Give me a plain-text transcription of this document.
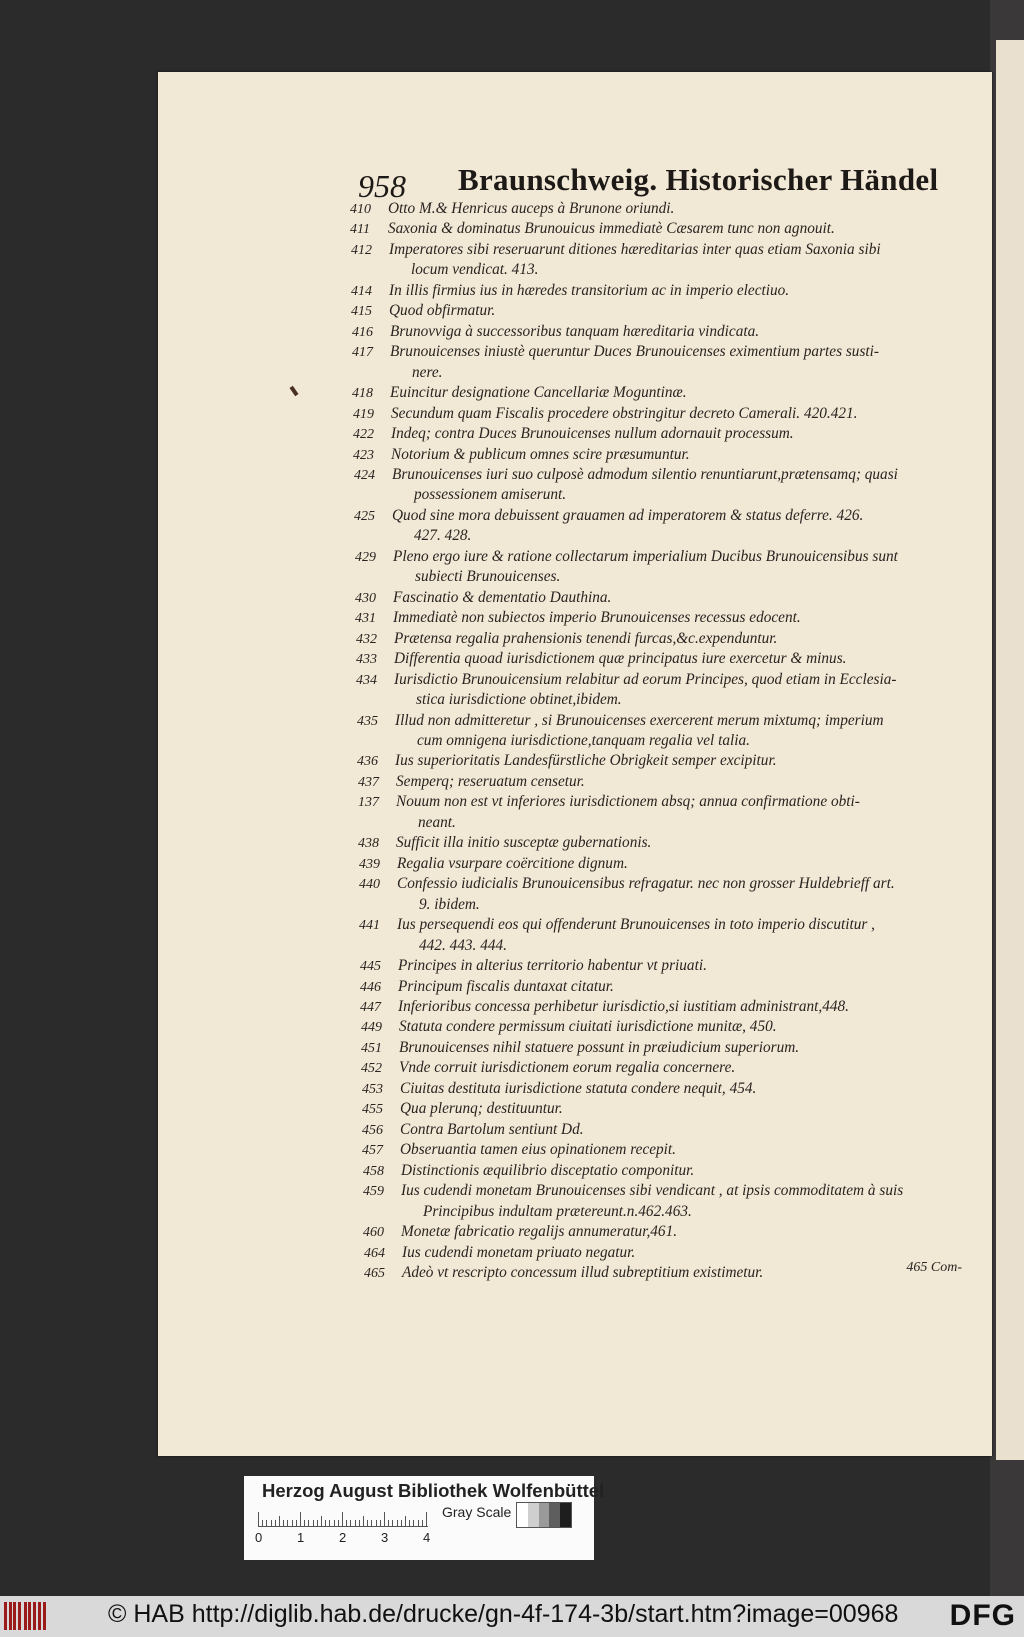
958 Braunschweig. Historischer Händel
410	Otto M.& Henricus auceps à Brunone oriundi.
411	Saxonia & dominatus Brunouicus immediatè Cæsarem tunc non agnouit.
412	Imperatores sibi reseruarunt ditiones hæreditarias inter quas etiam Saxonia sibi
locum vendicat. 413.
414	In illis firmius ius in hæredes transitorium ac in imperio electiuo.
415	Quod obfirmatur.
416	Brunovviga à successoribus tanquam hæreditaria vindicata.
417	Brunouicenses iniustè queruntur Duces Brunouicenses eximentium partes susti-
nere.
418	Euincitur designatione Cancellariæ Moguntinæ.
419	Secundum quam Fiscalis procedere obstringitur decreto Camerali. 420.421.
422	Indeq; contra Duces Brunouicenses nullum adornauit processum.
423	Notorium & publicum omnes scire præsumuntur.
424	Brunouicenses iuri suo culposè admodum silentio renuntiarunt,prætensamq; quasi
possessionem amiserunt.
425	Quod sine mora debuissent grauamen ad imperatorem & status deferre. 426.
427. 428.
429	Pleno ergo iure & ratione collectarum imperialium Ducibus Brunouicensibus sunt
subiecti Brunouicenses.
430	Fascinatio & dementatio Dauthina.
431	Immediatè non subiectos imperio Brunouicenses recessus edocent.
432	Prætensa regalia prahensionis tenendi furcas,&c.expenduntur.
433	Differentia quoad iurisdictionem quæ principatus iure exercetur & minus.
434	Iurisdictio Brunouicensium relabitur ad eorum Principes, quod etiam in Ecclesia-
stica iurisdictione obtinet,ibidem.
435	Illud non admitteretur , si Brunouicenses exercerent merum mixtumq; imperium
cum omnigena iurisdictione,tanquam regalia vel talia.
436	Ius superioritatis Landesfürstliche Obrigkeit semper excipitur.
437	Semperq; reseruatum censetur.
137	Nouum non est vt inferiores iurisdictionem absq; annua confirmatione obti-
neant.
438	Sufficit illa initio susceptæ gubernationis.
439	Regalia vsurpare coërcitione dignum.
440	Confessio iudicialis Brunouicensibus refragatur. nec non grosser Huldebrieff art.
9. ibidem.
441	Ius persequendi eos qui offenderunt Brunouicenses in toto imperio discutitur ,
442. 443. 444.
445	Principes in alterius territorio habentur vt priuati.
446	Principum fiscalis duntaxat citatur.
447	Inferioribus concessa perhibetur iurisdictio,si iustitiam administrant,448.
449	Statuta condere permissum ciuitati iurisdictione munitæ, 450.
451	Brunouicenses nihil statuere possunt in præiudicium superiorum.
452	Vnde corruit iurisdictionem eorum regalia concernere.
453	Ciuitas destituta iurisdictione statuta condere nequit, 454.
455	Qua plerunq; destituuntur.
456	Contra Bartolum sentiunt Dd.
457	Obseruantia tamen eius opinationem recepit.
458	Distinctionis æquilibrio disceptatio componitur.
459	Ius cudendi monetam Brunouicenses sibi vendicant , at ipsis commoditatem à suis
Principibus indultam prætereunt.n.462.463.
460	Monetæ fabricatio regalijs annumeratur,461.
464	Ius cudendi monetam priuato negatur.
465	Adeò vt rescripto concessum illud subreptitium existimetur.	465 Com-
Herzog August Bibliothek Wolfenbüttel
0	1	2	3	4
Gray Scale
© HAB http://diglib.hab.de/drucke/gn-4f-174-3b/start.htm?image=00968 DFG
